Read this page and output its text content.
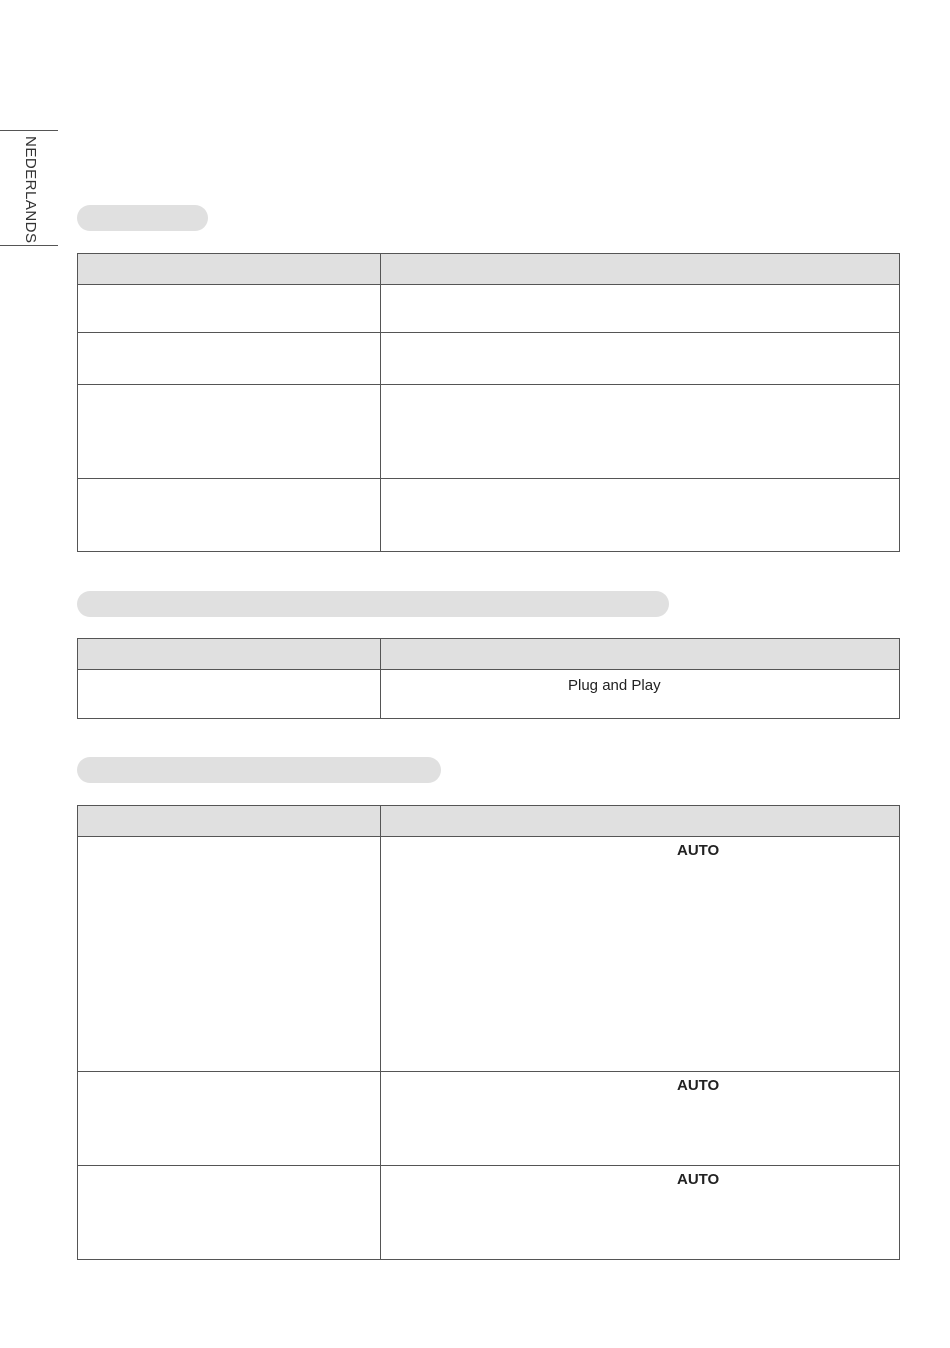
NEDERLANDS

	Plug and Play

	AUTO

	AUTO

	AUTO
